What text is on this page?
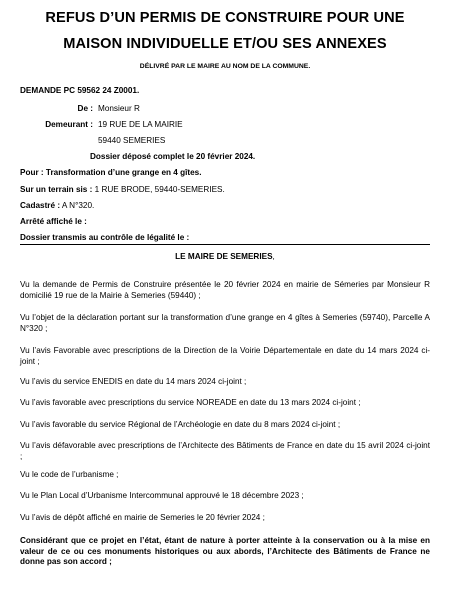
REFUS D’UN PERMIS DE CONSTRUIRE POUR UNE
MAISON INDIVIDUELLE ET/OU SES ANNEXES
DÉLIVRÉ PAR LE MAIRE AU NOM DE LA COMMUNE.
DEMANDE PC 59562 24 Z0001.
De : Monsieur R
Demeurant : 19 RUE DE LA MAIRIE
59440 SEMERIES
Dossier déposé complet le 20 février 2024.
Pour : Transformation d’une grange en 4 gîtes.
Sur un terrain sis : 1 RUE BRODE, 59440-SEMERIES.
Cadastré : A N°320.
Arrêté affiché le :
Dossier transmis au contrôle de légalité le :
LE MAIRE DE SEMERIES,
Vu la demande de Permis de Construire présentée le 20 février 2024 en mairie de Sémeries par Monsieur R domicilié 19 rue de la Mairie à Semeries (59440) ;
Vu l’objet de la déclaration portant sur la transformation d’une grange en 4 gîtes à Semeries (59740), Parcelle A N°320 ;
Vu l’avis Favorable avec prescriptions de la Direction de la Voirie Départementale en date du 14 mars 2024 ci-joint ;
Vu l’avis du service ENEDIS en date du 14 mars 2024 ci-joint ;
Vu l’avis favorable avec prescriptions du service NOREADE en date du 13 mars 2024 ci-joint ;
Vu l’avis favorable du service Régional de l’Archéologie en date du 8 mars 2024 ci-joint ;
Vu l’avis défavorable avec prescriptions de l’Architecte des Bâtiments de France en date du 15 avril 2024 ci-joint ;
Vu le code de l’urbanisme ;
Vu le Plan Local d’Urbanisme Intercommunal approuvé le 18 décembre 2023 ;
Vu l’avis de dépôt affiché en mairie de Semeries le 20 février 2024 ;
Considérant que ce projet en l’état, étant de nature à porter atteinte à la conservation ou à la mise en valeur de ce ou ces monuments historiques ou aux abords, l’Architecte des Bâtiments de France ne donne pas son accord ;
